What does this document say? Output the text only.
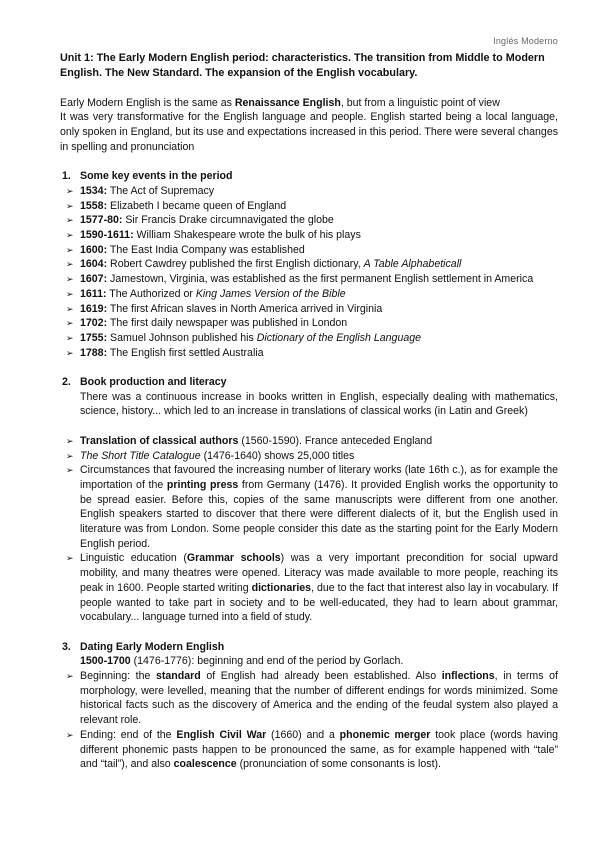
Inglés Moderno
Unit 1: The Early Modern English period: characteristics. The transition from Middle to Modern English. The New Standard. The expansion of the English vocabulary.
Early Modern English is the same as Renaissance English, but from a linguistic point of view
It was very transformative for the English language and people. English started being a local language, only spoken in England, but its use and expectations increased in this period. There were several changes in spelling and pronunciation
1. Some key events in the period
➢ 1534: The Act of Supremacy
➢ 1558: Elizabeth I became queen of England
➢ 1577-80: Sir Francis Drake circumnavigated the globe
➢ 1590-1611: William Shakespeare wrote the bulk of his plays
➢ 1600: The East India Company was established
➢ 1604: Robert Cawdrey published the first English dictionary, A Table Alphabeticall
➢ 1607: Jamestown, Virginia, was established as the first permanent English settlement in America
➢ 1611: The Authorized or King James Version of the Bible
➢ 1619: The first African slaves in North America arrived in Virginia
➢ 1702: The first daily newspaper was published in London
➢ 1755: Samuel Johnson published his Dictionary of the English Language
➢ 1788: The English first settled Australia
2. Book production and literacy
There was a continuous increase in books written in English, especially dealing with mathematics, science, history... which led to an increase in translations of classical works (in Latin and Greek)
➢ Translation of classical authors (1560-1590). France anteceded England
➢ The Short Title Catalogue (1476-1640) shows 25,000 titles
➢ Circumstances that favoured the increasing number of literary works (late 16th c.), as for example the importation of the printing press from Germany (1476). It provided English works the opportunity to be spread easier. Before this, copies of the same manuscripts were different from one another. English speakers started to discover that there were different dialects of it, but the English used in literature was from London. Some people consider this date as the starting point for the Early Modern English period.
➢ Linguistic education (Grammar schools) was a very important precondition for social upward mobility, and many theatres were opened. Literacy was made available to more people, reaching its peak in 1600. People started writing dictionaries, due to the fact that interest also lay in vocabulary. If people wanted to take part in society and to be well-educated, they had to learn about grammar, vocabulary... language turned into a field of study.
3. Dating Early Modern English
1500-1700 (1476-1776): beginning and end of the period by Gorlach.
➢ Beginning: the standard of English had already been established. Also inflections, in terms of morphology, were levelled, meaning that the number of different endings for words minimized. Some historical facts such as the discovery of America and the ending of the feudal system also played a relevant role.
➢ Ending: end of the English Civil War (1660) and a phonemic merger took place (words having different phonemic pasts happen to be pronounced the same, as for example happened with “tale” and “tail”), and also coalescence (pronunciation of some consonants is lost).
